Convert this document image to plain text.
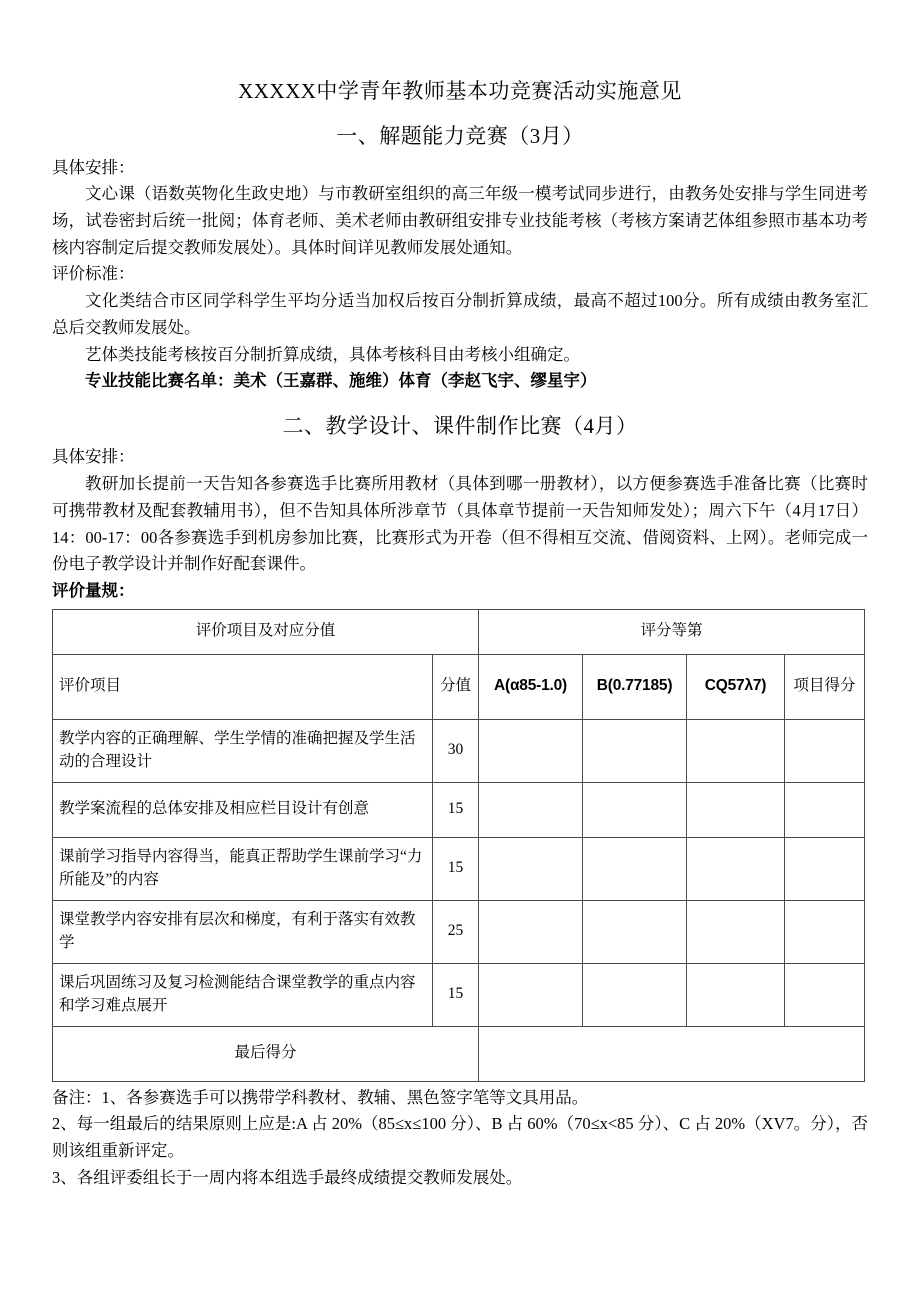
XXXXX中学青年教师基本功竞赛活动实施意见
一、解题能力竞赛（3月）
具体安排：
文心课（语数英物化生政史地）与市教研室组织的高三年级一模考试同步进行，由教务处安排与学生同进考场，试卷密封后统一批阅；体育老师、美术老师由教研组安排专业技能考核（考核方案请艺体组参照市基本功考核内容制定后提交教师发展处）。具体时间详见教师发展处通知。
评价标准：
文化类结合市区同学科学生平均分适当加权后按百分制折算成绩，最高不超过100分。所有成绩由教务室汇总后交教师发展处。
艺体类技能考核按百分制折算成绩，具体考核科目由考核小组确定。
专业技能比赛名单：美术（王嘉群、施维）体育（李赵飞宇、缪星宇）
二、教学设计、课件制作比赛（4月）
具体安排：
教研加长提前一天告知各参赛选手比赛所用教材（具体到哪一册教材），以方便参赛选手准备比赛（比赛时可携带教材及配套教辅用书），但不告知具体所涉章节（具体章节提前一天告知师发处）；周六下午（4月17日）14：00-17：00各参赛选手到机房参加比赛，比赛形式为开卷（但不得相互交流、借阅资料、上网）。老师完成一份电子教学设计并制作好配套课件。
评价量规：
评价项目及对应分值		评分等第			
评价项目	分值	A(α85-1.0)	B(0.77185)	CQ57λ7)	项目得分
教学内容的正确理解、学生学情的准确把握及学生活动的合理设计	30				
教学案流程的总体安排及相应栏目设计有创意	15				
课前学习指导内容得当，能真正帮助学生课前学习“力所能及”的内容	15				
课堂教学内容安排有层次和梯度，有利于落实有效教学	25				
课后巩固练习及复习检测能结合课堂教学的重点内容和学习难点展开	15				
最后得分					
备注：1、各参赛选手可以携带学科教材、教辅、黑色签字笔等文具用品。
2、每一组最后的结果原则上应是:A 占 20%（85≤x≤100 分）、B 占 60%（70≤x<85 分）、C 占 20%（XV7。分），否则该组重新评定。
3、各组评委组长于一周内将本组选手最终成绩提交教师发展处。
